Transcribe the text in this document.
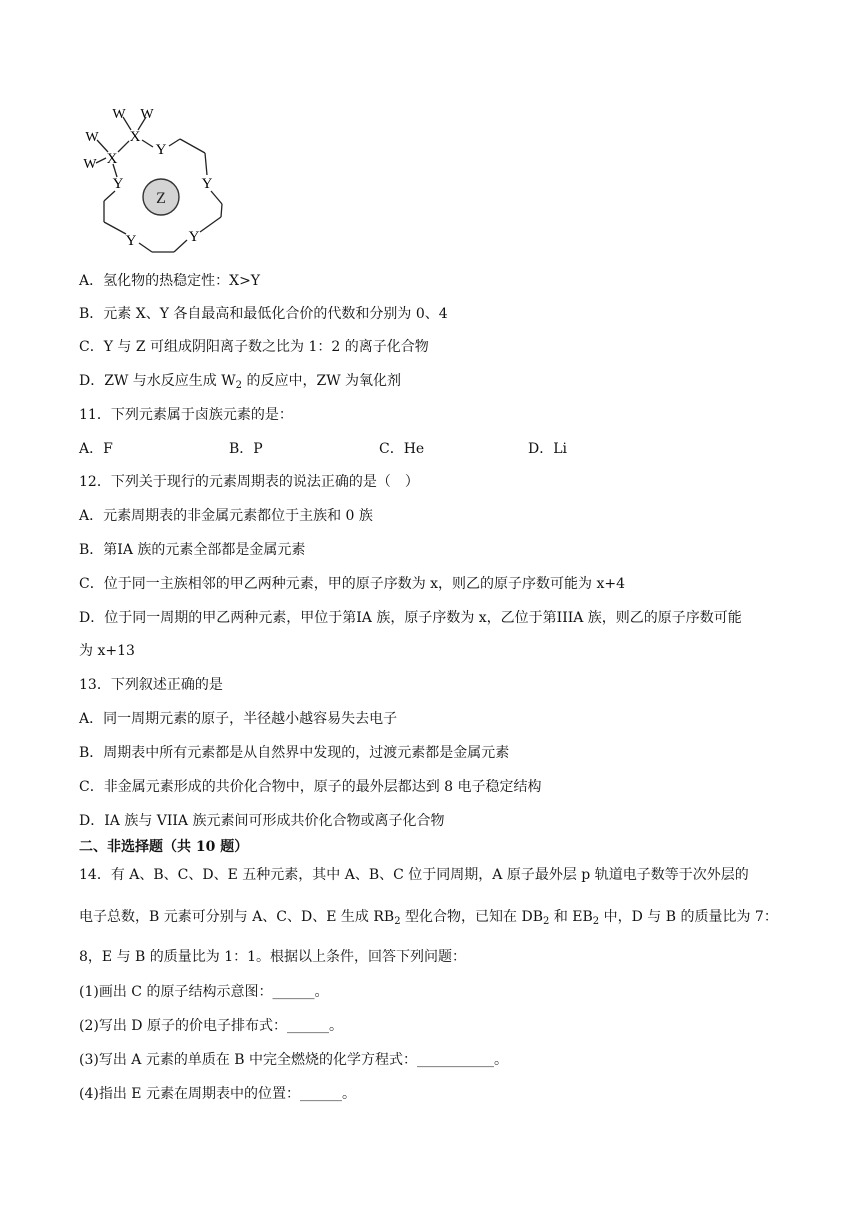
Z
W W
W
W
X
X
Y
Y	Y
Y	Y
A．氢化物的热稳定性：X>Y
B．元素 X、Y 各自最高和最低化合价的代数和分别为 0、4
C．Y 与 Z 可组成阴阳离子数之比为 1：2 的离子化合物
D．ZW 与水反应生成 $W_2$ 的反应中，ZW 为氧化剂
11．下列元素属于卤族元素的是：
A．F	B．P	C．He	D．Li
12．下列关于现行的元素周期表的说法正确的是（　）
A．元素周期表的非金属元素都位于主族和 0 族
B．第IA 族的元素全部都是金属元素
C．位于同一主族相邻的甲乙两种元素，甲的原子序数为 x，则乙的原子序数可能为 x+4
D．位于同一周期的甲乙两种元素，甲位于第IA 族，原子序数为 x，乙位于第IIIA 族，则乙的原子序数可能
为 x+13
13．下列叙述正确的是
A．同一周期元素的原子，半径越小越容易失去电子
B．周期表中所有元素都是从自然界中发现的，过渡元素都是金属元素
C．非金属元素形成的共价化合物中，原子的最外层都达到 8 电子稳定结构
D．IA 族与 VIIA 族元素间可形成共价化合物或离子化合物
二、非选择题（共 10 题）
14．有 A、B、C、D、E 五种元素，其中 A、B、C 位于同周期，A 原子最外层 p 轨道电子数等于次外层的
电子总数，B 元素可分别与 A、C、D、E 生成 $RB_2$ 型化合物，已知在 $DB_2$ 和 $EB_2$ 中，D 与 B 的质量比为 7：
8，E 与 B 的质量比为 1：1。根据以上条件，回答下列问题：
(1)画出 C 的原子结构示意图：______。
(2)写出 D 原子的价电子排布式：______。
(3)写出 A 元素的单质在 B 中完全燃烧的化学方程式：___________。
(4)指出 E 元素在周期表中的位置：______。
